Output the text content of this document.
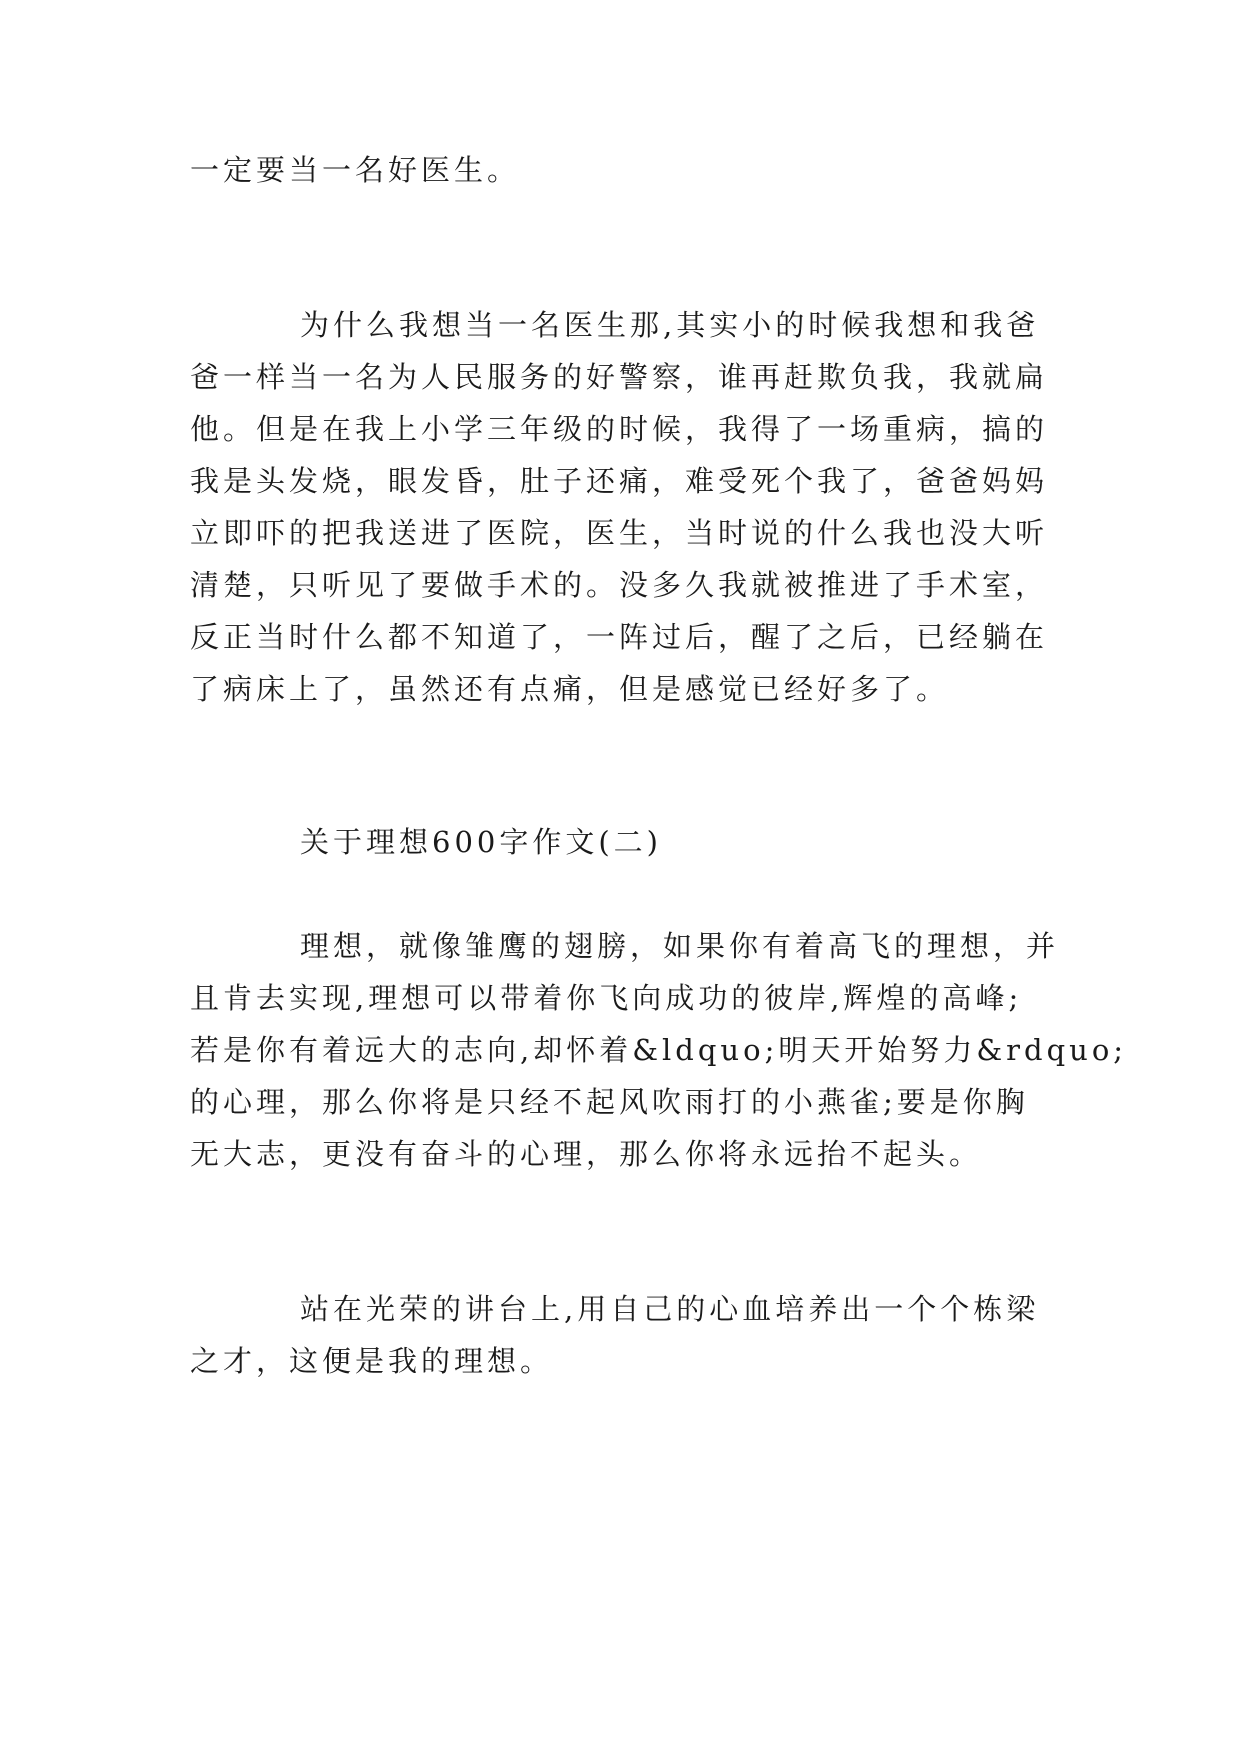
一定要当一名好医生。
为什么我想当一名医生那,其实小的时候我想和我爸
爸一样当一名为人民服务的好警察，谁再赶欺负我，我就扁
他。但是在我上小学三年级的时候，我得了一场重病，搞的
我是头发烧，眼发昏，肚子还痛，难受死个我了，爸爸妈妈
立即吓的把我送进了医院，医生，当时说的什么我也没大听
清楚，只听见了要做手术的。没多久我就被推进了手术室，
反正当时什么都不知道了，一阵过后，醒了之后，已经躺在
了病床上了，虽然还有点痛，但是感觉已经好多了。
关于理想600字作文(二)
理想，就像雏鹰的翅膀，如果你有着高飞的理想，并
且肯去实现,理想可以带着你飞向成功的彼岸,辉煌的高峰;
若是你有着远大的志向,却怀着&ldquo;明天开始努力&rdquo;
的心理，那么你将是只经不起风吹雨打的小燕雀;要是你胸
无大志，更没有奋斗的心理，那么你将永远抬不起头。
站在光荣的讲台上,用自己的心血培养出一个个栋梁
之才，这便是我的理想。
